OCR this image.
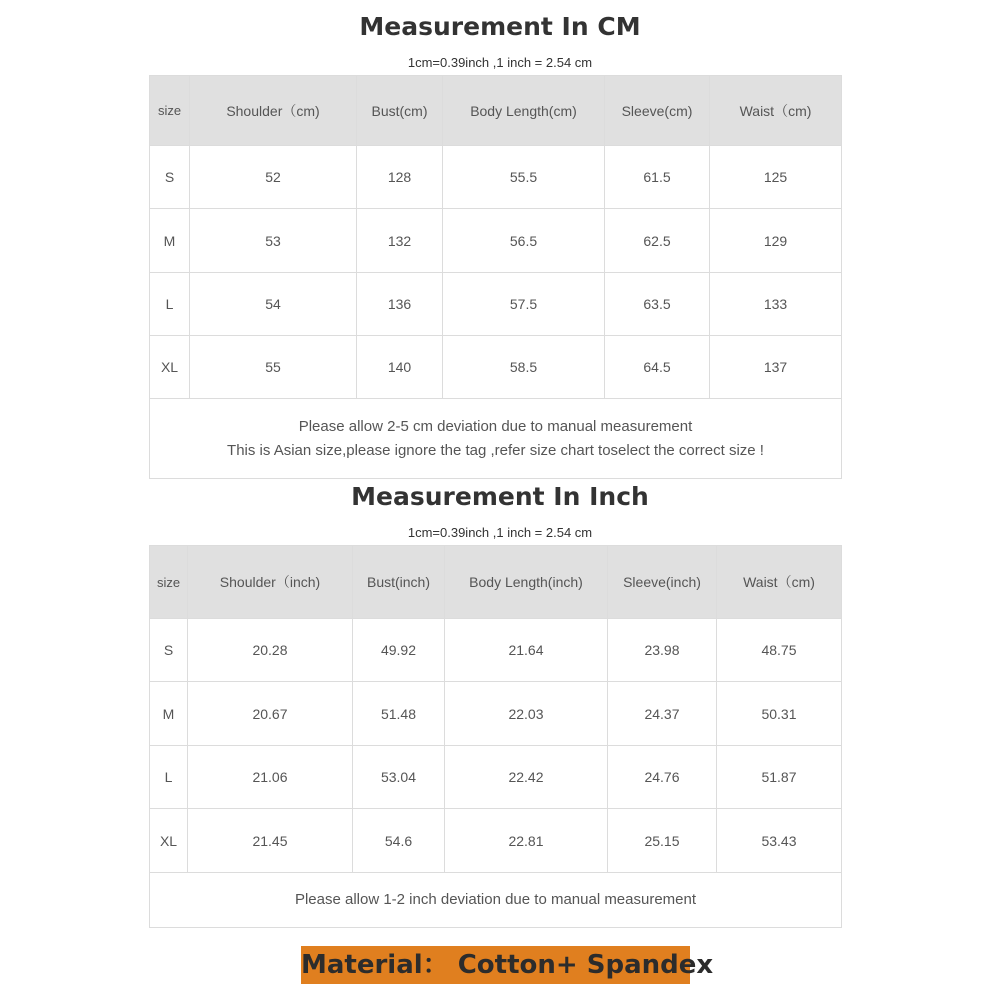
Measurement In CM
1cm=0.39inch ,1 inch = 2.54 cm
size	Shoulder（cm)	Bust(cm)	Body Length(cm)	Sleeve(cm)	Waist（cm)
S	52	128	55.5	61.5	125
M	53	132	56.5	62.5	129
L	54	136	57.5	63.5	133
XL	55	140	58.5	64.5	137

Please allow 2-5 cm deviation due to manual measurement
This is Asian size,please ignore the tag ,refer size chart toselect the correct size !					
Measurement In Inch
1cm=0.39inch ,1 inch = 2.54 cm
size	Shoulder（inch)	Bust(inch)	Body Length(inch)	Sleeve(inch)	Waist（cm)
S	20.28	49.92	21.64	23.98	48.75
M	20.67	51.48	22.03	24.37	50.31
L	21.06	53.04	22.42	24.76	51.87
XL	21.45	54.6	22.81	25.15	53.43

Please allow 1-2 inch deviation due to manual measurement					
Material： Cotton+ Spandex
